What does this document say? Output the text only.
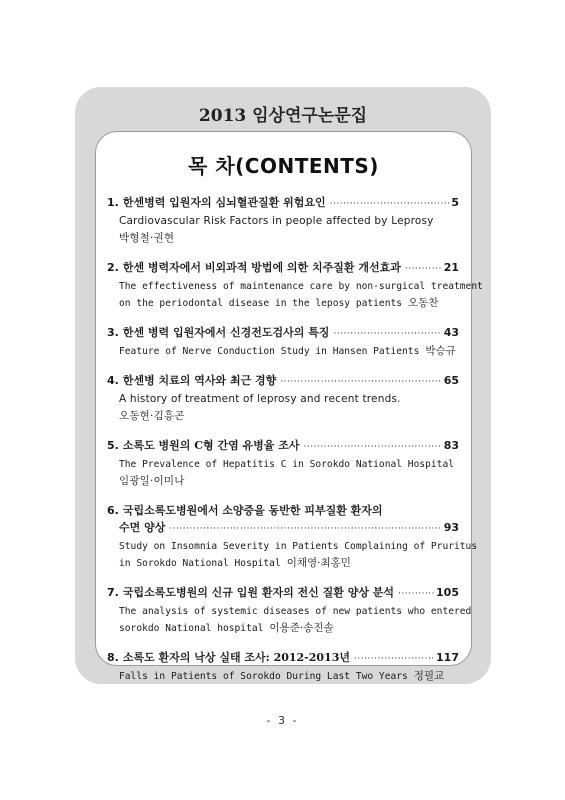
2013 임상연구논문집
목 차(CONTENTS)
1. 한센병력 입원자의 심뇌혈관질환 위험요인 ·····	5
Cardiovascular Risk Factors in people affected by Leprosy
박형철·권현
2. 한센 병력자에서 비외과적 방법에 의한 치주질환 개선효과 ·····	21
The effectiveness of maintenance care by non-surgical treatment
on the periodontal disease in the leposy patients 오동찬
3. 한센 병력 입원자에서 신경전도검사의 특징 ·····	43
Feature of Nerve Conduction Study in Hansen Patients 박승규
4. 한센병 치료의 역사와 최근 경향 ·····	65
A history of treatment of leprosy and recent trends.
오동현·김흥곤
5. 소록도 병원의 C형 간염 유병율 조사 ·····	83
The Prevalence of Hepatitis C in Sorokdo National Hospital
임광일·이미나
6. 국립소록도병원에서 소양증을 동반한 피부질환 환자의
수면 양상 ·····	93
Study on Insomnia Severity in Patients Complaining of Pruritus
in Sorokdo National Hospital 이채영·최홍민
7. 국립소록도병원의 신규 입원 환자의 전신 질환 양상 분석 ·····	105
The analysis of systemic diseases of new patients who entered
sorokdo National hospital 이용준·송진솔
8. 소록도 환자의 낙상 실태 조사: 2012-2013년 ·····	117
Falls in Patients of Sorokdo During Last Two Years 정필교
- 3 -
